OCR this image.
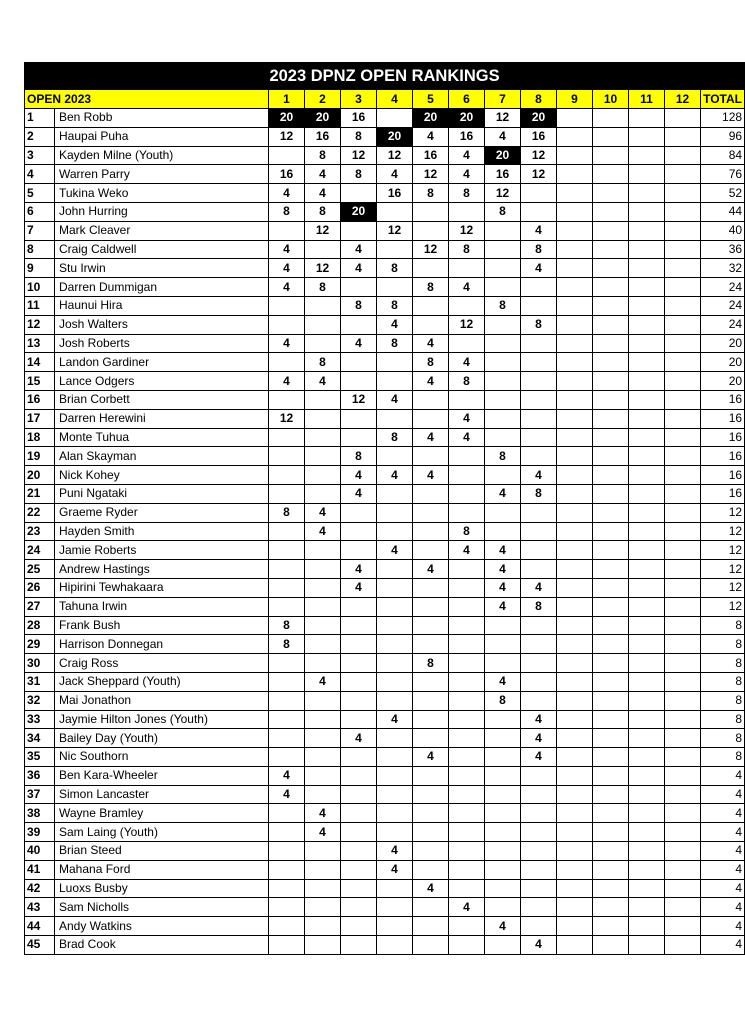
2023 DPNZ OPEN RANKINGS														
OPEN 2023		1	2	3	4	5	6	7	8	9	10	11	12	TOTAL
1	Ben Robb	20	20	16		20	20	12	20					128
2	Haupai Puha	12	16	8	20	4	16	4	16					96
3	Kayden Milne (Youth)		8	12	12	16	4	20	12					84
4	Warren Parry	16	4	8	4	12	4	16	12					76
5	Tukina Weko	4	4		16	8	8	12						52
6	John Hurring	8	8	20				8						44
7	Mark Cleaver		12		12		12		4					40
8	Craig Caldwell	4		4		12	8		8					36
9	Stu Irwin	4	12	4	8				4					32
10	Darren Dummigan	4	8			8	4							24
11	Haunui Hira			8	8			8						24
12	Josh Walters				4		12		8					24
13	Josh Roberts	4		4	8	4								20
14	Landon Gardiner		8			8	4							20
15	Lance Odgers	4	4			4	8							20
16	Brian Corbett			12	4									16
17	Darren Herewini	12					4							16
18	Monte Tuhua				8	4	4							16
19	Alan Skayman			8				8						16
20	Nick Kohey			4	4	4			4					16
21	Puni Ngataki			4				4	8					16
22	Graeme Ryder	8	4											12
23	Hayden Smith		4				8							12
24	Jamie Roberts				4		4	4						12
25	Andrew Hastings			4		4		4						12
26	Hipirini Tewhakaara			4				4	4					12
27	Tahuna Irwin							4	8					12
28	Frank Bush	8												8
29	Harrison Donnegan	8												8
30	Craig Ross					8								8
31	Jack Sheppard (Youth)		4					4						8
32	Mai Jonathon							8						8
33	Jaymie Hilton Jones (Youth)				4				4					8
34	Bailey Day (Youth)			4					4					8
35	Nic Southorn					4			4					8
36	Ben Kara-Wheeler	4												4
37	Simon Lancaster	4												4
38	Wayne Bramley		4											4
39	Sam Laing (Youth)		4											4
40	Brian Steed				4									4
41	Mahana Ford				4									4
42	Luoxs Busby					4								4
43	Sam Nicholls						4							4
44	Andy Watkins							4						4
45	Brad Cook								4					4
